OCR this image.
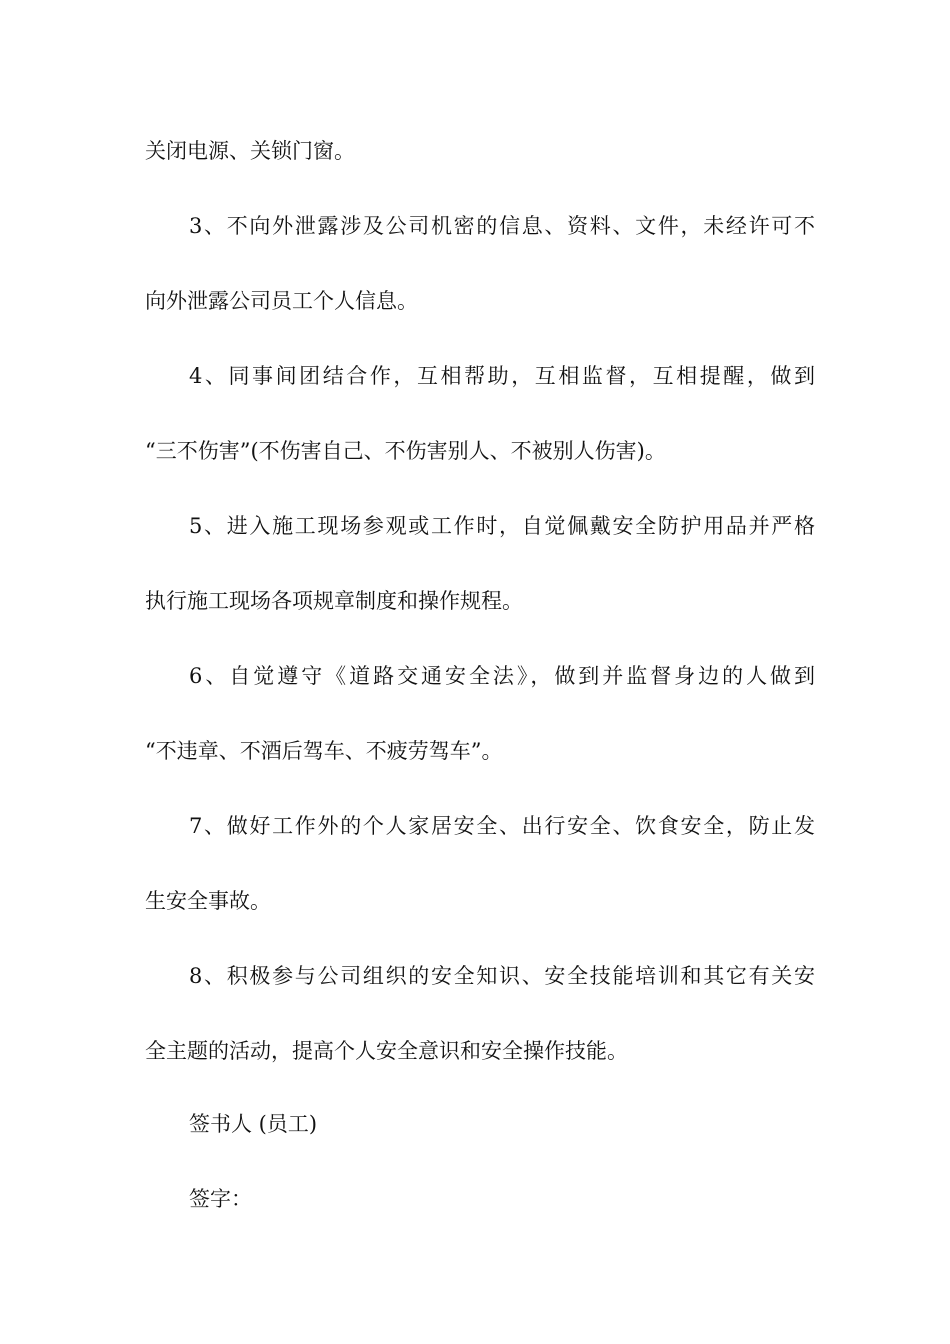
关闭电源、关锁门窗。
3、不向外泄露涉及公司机密的信息、资料、文件，未经许可不
向外泄露公司员工个人信息。
4、同事间团结合作，互相帮助，互相监督，互相提醒，做到
“三不伤害”(不伤害自己、不伤害别人、不被别人伤害)。
5、进入施工现场参观或工作时，自觉佩戴安全防护用品并严格
执行施工现场各项规章制度和操作规程。
6、自觉遵守《道路交通安全法》，做到并监督身边的人做到
“不违章、不酒后驾车、不疲劳驾车”。
7、做好工作外的个人家居安全、出行安全、饮食安全，防止发
生安全事故。
8、积极参与公司组织的安全知识、安全技能培训和其它有关安
全主题的活动，提高个人安全意识和安全操作技能。
签书人 (员工)
签字：
